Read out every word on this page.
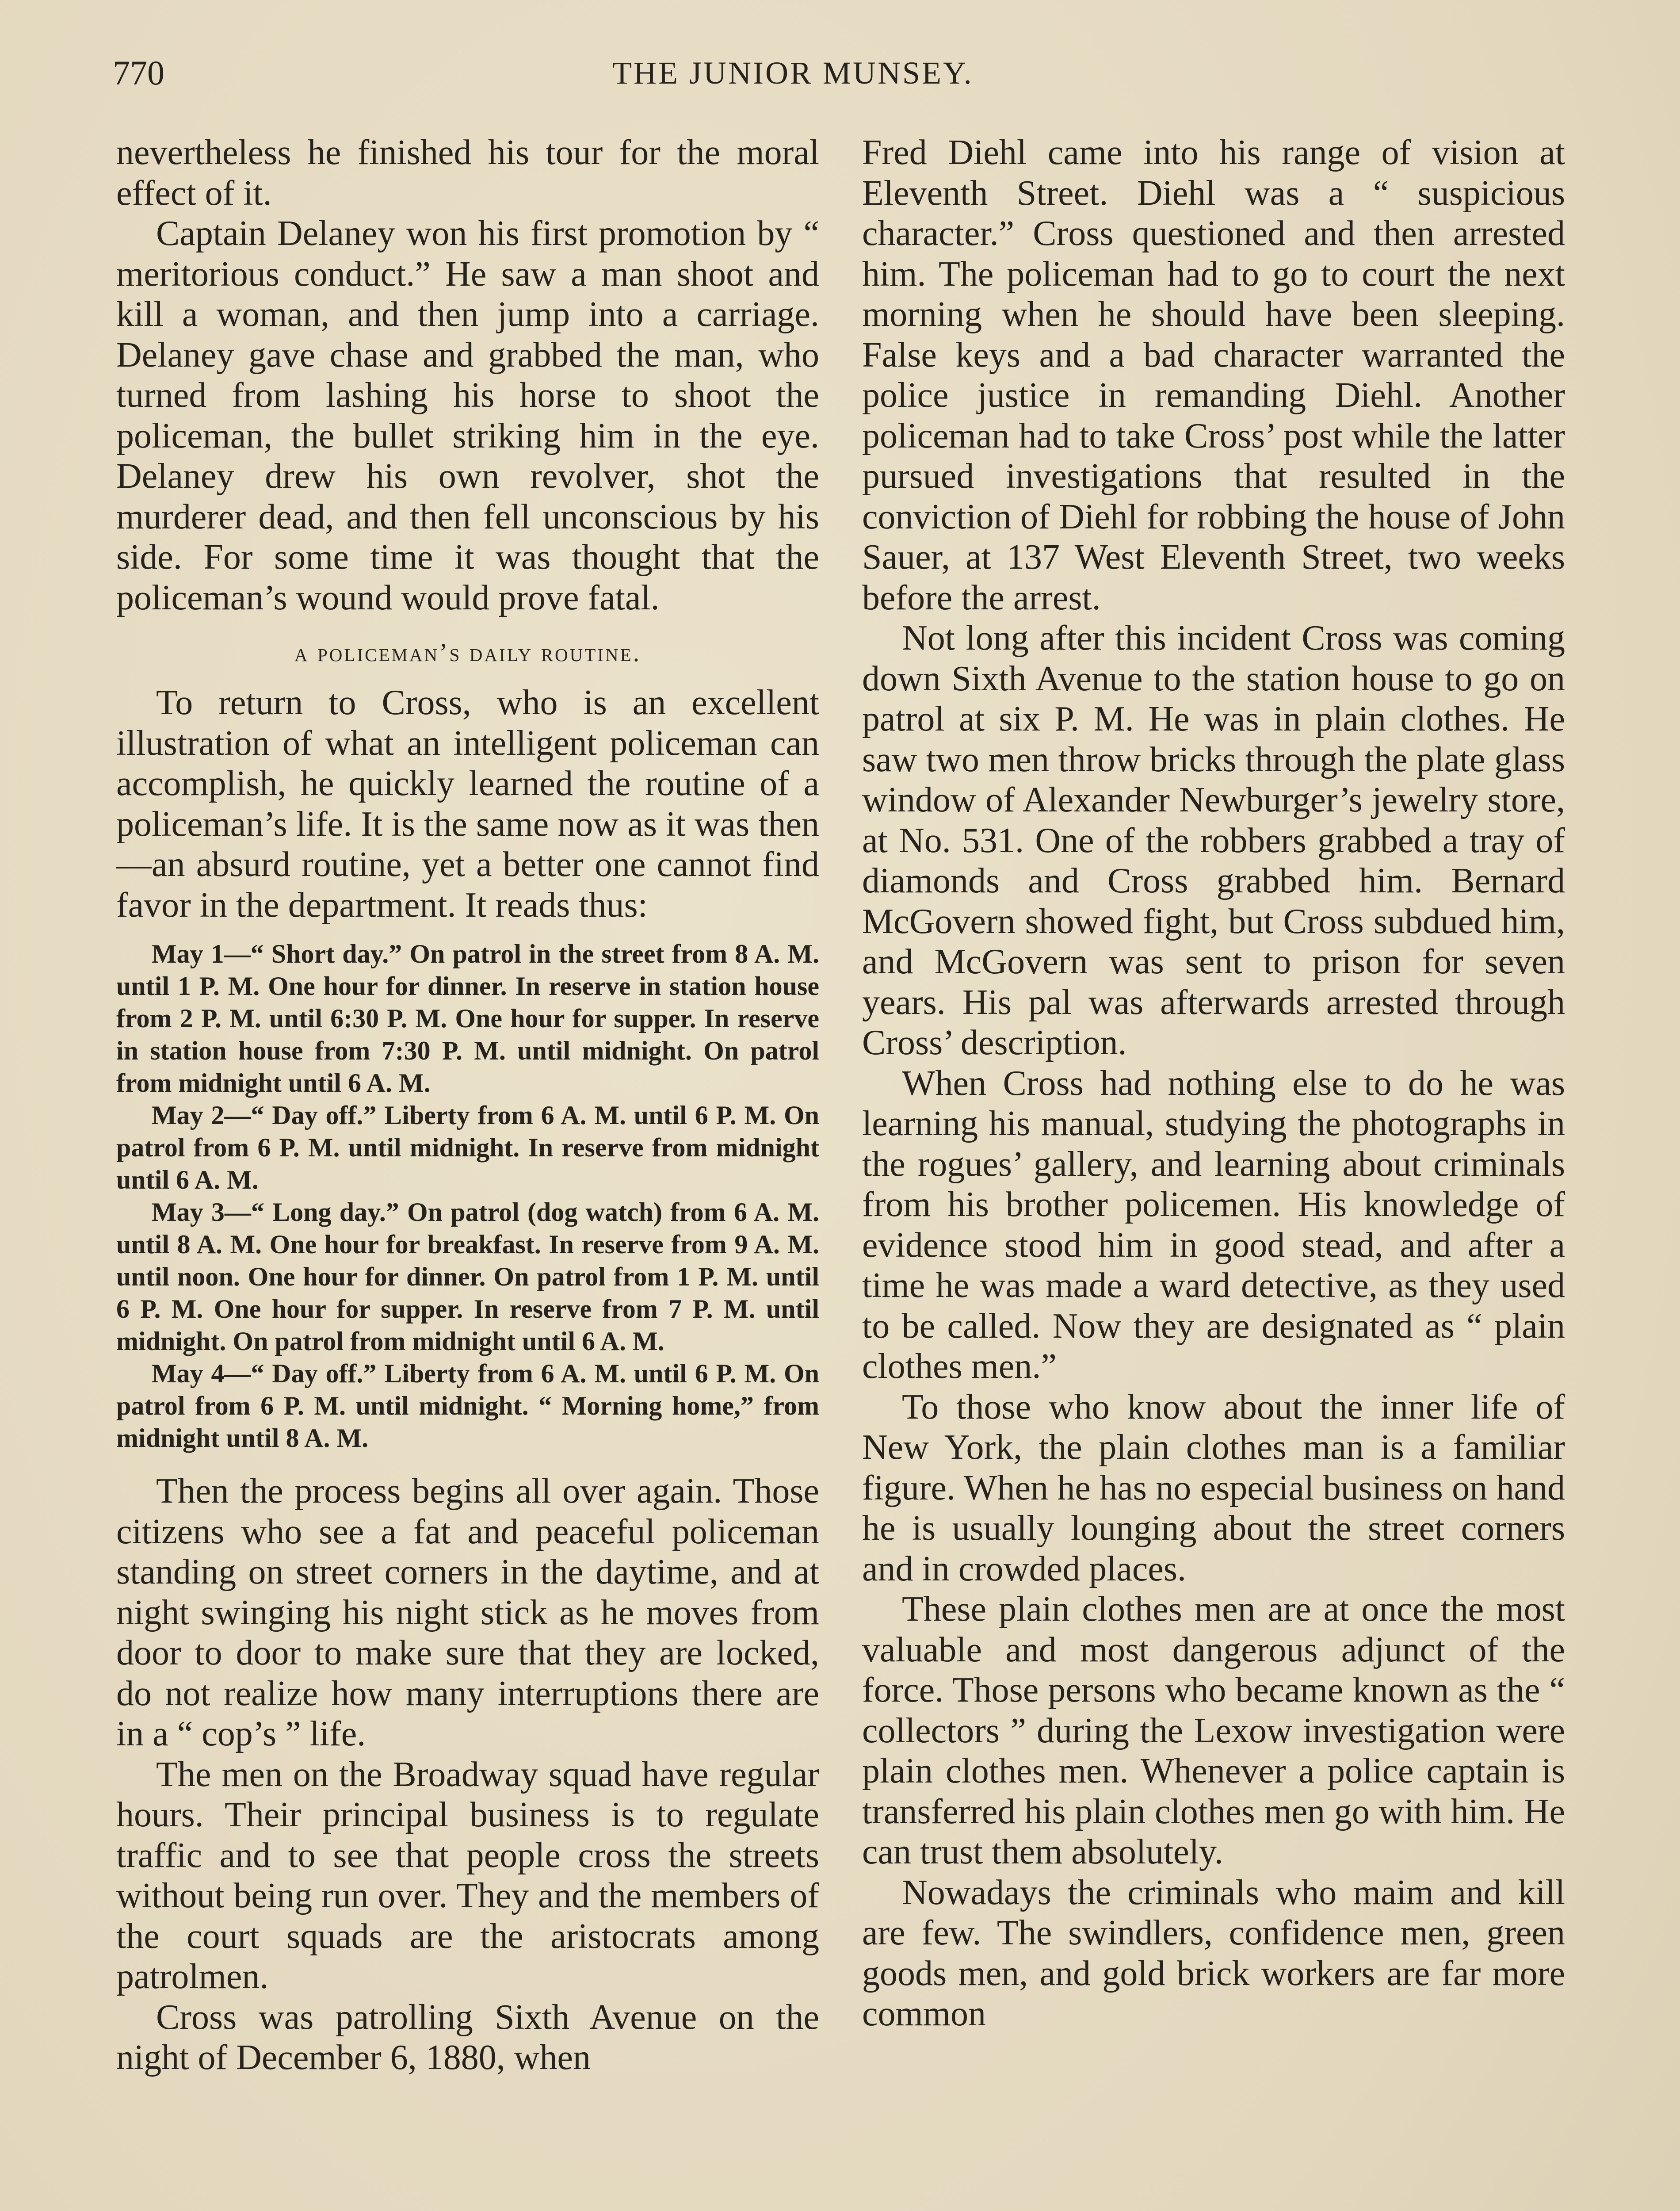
770	THE JUNIOR MUNSEY.

nevertheless he finished his tour for the moral effect of it.

Captain Delaney won his first promotion by “ meritorious conduct.” He saw a man shoot and kill a woman, and then jump into a carriage. Delaney gave chase and grabbed the man, who turned from lashing his horse to shoot the policeman, the bullet striking him in the eye. Delaney drew his own revolver, shot the murderer dead, and then fell unconscious by his side. For some time it was thought that the policeman’s wound would prove fatal.

a policeman’s daily routine.

To return to Cross, who is an excellent illustration of what an intelligent policeman can accomplish, he quickly learned the routine of a policeman’s life. It is the same now as it was then—an absurd routine, yet a better one cannot find favor in the department. It reads thus:

May 1—“ Short day.” On patrol in the street from 8 A. M. until 1 P. M. One hour for dinner. In reserve in station house from 2 P. M. until 6:30 P. M. One hour for supper. In reserve in station house from 7:30 P. M. until midnight. On patrol from midnight until 6 A. M.

May 2—“ Day off.” Liberty from 6 A. M. until 6 P. M. On patrol from 6 P. M. until midnight. In reserve from midnight until 6 A. M.

May 3—“ Long day.” On patrol (dog watch) from 6 A. M. until 8 A. M. One hour for breakfast. In reserve from 9 A. M. until noon. One hour for dinner. On patrol from 1 P. M. until 6 P. M. One hour for supper. In reserve from 7 P. M. until midnight. On patrol from midnight until 6 A. M.

May 4—“ Day off.” Liberty from 6 A. M. until 6 P. M. On patrol from 6 P. M. until midnight. “ Morning home,” from midnight until 8 A. M.

Then the process begins all over again. Those citizens who see a fat and peaceful policeman standing on street corners in the daytime, and at night swinging his night stick as he moves from door to door to make sure that they are locked, do not realize how many interruptions there are in a “ cop’s ” life.

The men on the Broadway squad have regular hours. Their principal business is to regulate traffic and to see that people cross the streets without being run over. They and the members of the court squads are the aristocrats among patrolmen.

Cross was patrolling Sixth Avenue on the night of December 6, 1880, when

Fred Diehl came into his range of vision at Eleventh Street. Diehl was a “ suspicious character.” Cross questioned and then arrested him. The policeman had to go to court the next morning when he should have been sleeping. False keys and a bad character warranted the police justice in remanding Diehl. Another policeman had to take Cross’ post while the latter pursued investigations that resulted in the conviction of Diehl for robbing the house of John Sauer, at 137 West Eleventh Street, two weeks before the arrest.

Not long after this incident Cross was coming down Sixth Avenue to the station house to go on patrol at six P. M. He was in plain clothes. He saw two men throw bricks through the plate glass window of Alexander Newburger’s jewelry store, at No. 531. One of the robbers grabbed a tray of diamonds and Cross grabbed him. Bernard McGovern showed fight, but Cross subdued him, and McGovern was sent to prison for seven years. His pal was afterwards arrested through Cross’ description.

When Cross had nothing else to do he was learning his manual, studying the photographs in the rogues’ gallery, and learning about criminals from his brother policemen. His knowledge of evidence stood him in good stead, and after a time he was made a ward detective, as they used to be called. Now they are designated as “ plain clothes men.”

To those who know about the inner life of New York, the plain clothes man is a familiar figure. When he has no especial business on hand he is usually lounging about the street corners and in crowded places.

These plain clothes men are at once the most valuable and most dangerous adjunct of the force. Those persons who became known as the “ collectors ” during the Lexow investigation were plain clothes men. Whenever a police captain is transferred his plain clothes men go with him. He can trust them absolutely.

Nowadays the criminals who maim and kill are few. The swindlers, confidence men, green goods men, and gold brick workers are far more common
